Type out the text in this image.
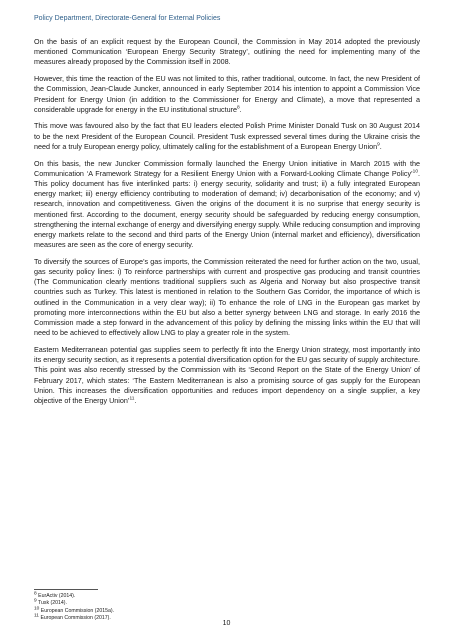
Policy Department, Directorate-General for External Policies

On the basis of an explicit request by the European Council, the Commission in May 2014 adopted the previously mentioned Communication ‘European Energy Security Strategy’, outlining the need for implementing many of the measures already proposed by the Commission itself in 2008.

However, this time the reaction of the EU was not limited to this, rather traditional, outcome. In fact, the new President of the Commission, Jean-Claude Juncker, announced in early September 2014 his intention to appoint a Commission Vice President for Energy Union (in addition to the Commissioner for Energy and Climate), a move that represented a considerable upgrade for energy in the EU institutional structure$^8$.

This move was favoured also by the fact that EU leaders elected Polish Prime Minister Donald Tusk on 30 August 2014 to be the next President of the European Council. President Tusk expressed several times during the Ukraine crisis the need for a truly European energy policy, ultimately calling for the establishment of a European Energy Union$^9$.

On this basis, the new Juncker Commission formally launched the Energy Union initiative in March 2015 with the Communication ‘A Framework Strategy for a Resilient Energy Union with a Forward-Looking Climate Change Policy’$^{10}$. This policy document has five interlinked parts: i) energy security, solidarity and trust; ii) a fully integrated European energy market; iii) energy efficiency contributing to moderation of demand; iv) decarbonisation of the economy; and v) research, innovation and competitiveness. Given the origins of the document it is no surprise that energy security is mentioned first. According to the document, energy security should be safeguarded by reducing energy consumption, strengthening the internal exchange of energy and diversifying energy supply. While reducing consumption and improving energy markets relate to the second and third parts of the Energy Union (internal market and efficiency), diversification measures are seen as the core of energy security.

To diversify the sources of Europe’s gas imports, the Commission reiterated the need for further action on the two, usual, gas security policy lines: i) To reinforce partnerships with current and prospective gas producing and transit countries (The Communication clearly mentions traditional suppliers such as Algeria and Norway but also prospective transit countries such as Turkey. This latest is mentioned in relation to the Southern Gas Corridor, the importance of which is outlined in the Communication in a very clear way); ii) To enhance the role of LNG in the European gas market by promoting more interconnections within the EU but also a better synergy between LNG and storage. In early 2016 the Commission made a step forward in the advancement of this policy by defining the missing links within the EU that will need to be achieved to effectively allow LNG to play a greater role in the system.

Eastern Mediterranean potential gas supplies seem to perfectly fit into the Energy Union strategy, most importantly into its energy security section, as it represents a potential diversification option for the EU gas security of supply architecture. This point was also recently stressed by the Commission with its ‘Second Report on the State of the Energy Union’ of February 2017, which states: ‘The Eastern Mediterranean is also a promising source of gas supply for the European Union. This increases the diversification opportunities and reduces import dependency on a single supplier, a key objective of the Energy Union’$^{11}$.

$^8$ EurActiv (2014).

$^9$ Tusk (2014).

$^{10}$ European Commission (2015a).

$^{11}$ European Commission (2017).

10
